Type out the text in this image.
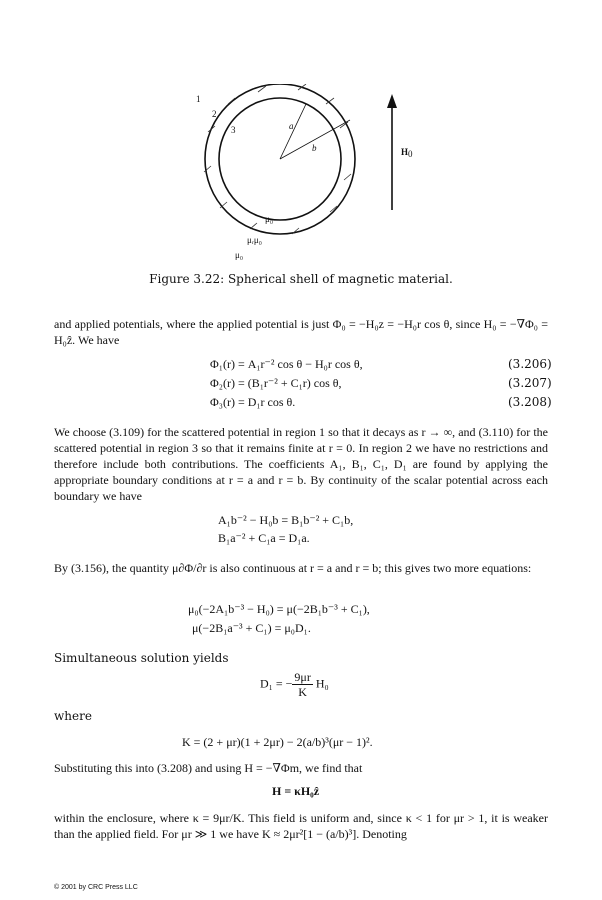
1
2
3	a
b
μ₀
μᵣμ₀
μ₀
H 0
Figure 3.22: Spherical shell of magnetic material.
and applied potentials, where the applied potential is just Φ₀ = −H₀z = −H₀r cos θ, since H₀ = −∇Φ₀ = H₀ẑ. We have
Φ₁(r) = A₁r⁻² cos θ − H₀r cos θ,	(3.206)
Φ₂(r) = (B₁r⁻² + C₁r) cos θ,	(3.207)
Φ₃(r) = D₁r cos θ.	(3.208)
We choose (3.109) for the scattered potential in region 1 so that it decays as r → ∞, and (3.110) for the scattered potential in region 3 so that it remains finite at r = 0. In region 2 we have no restrictions and therefore include both contributions. The coefficients A₁, B₁, C₁, D₁ are found by applying the appropriate boundary conditions at r = a and r = b. By continuity of the scalar potential across each boundary we have
A₁b⁻² − H₀b = B₁b⁻² + C₁b,
B₁a⁻² + C₁a = D₁a.
By (3.156), the quantity μ∂Φ/∂r is also continuous at r = a and r = b; this gives two more equations:
μ₀(−2A₁b⁻³ − H₀) = μ(−2B₁b⁻³ + C₁),
μ(−2B₁a⁻³ + C₁) = μ₀D₁.
Simultaneous solution yields
D₁ = − $\frac{9\mu r}{K} H_0$
where
K = (2 + μr)(1 + 2μr) − 2(a/b)³(μr − 1)².
Substituting this into (3.208) and using H = −∇Φm, we find that
H = κH₀ẑ
within the enclosure, where κ = 9μr/K. This field is uniform and, since κ < 1 for μr > 1, it is weaker than the applied field. For μr ≫ 1 we have K ≈ 2μr²[1 − (a/b)³]. Denoting
© 2001 by CRC Press LLC
